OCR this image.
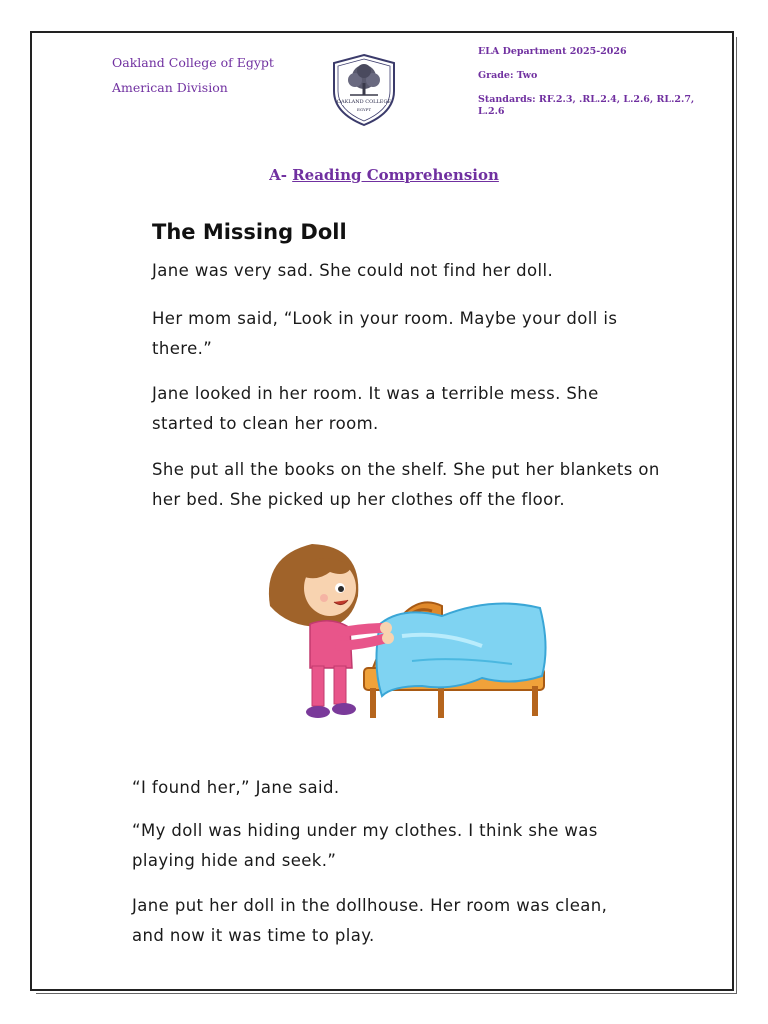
Oakland College of Egypt
American Division
OAKLAND COLLEGE
EGYPT
ELA Department 2025-2026
Grade: Two
Standards: RF.2.3, .RL.2.4, L.2.6, RL.2.7, L.2.6
A- Reading Comprehension
The Missing Doll

Jane was very sad. She could not find her doll.

Her mom said, “Look in your room. Maybe your doll is there.”

Jane looked in her room. It was a terrible mess. She started to clean her room.

She put all the books on the shelf. She put her blankets on her bed. She picked up her clothes off the floor.

“I found her,” Jane said.

“My doll was hiding under my clothes. I think she was playing hide and seek.”

Jane put her doll in the dollhouse. Her room was clean, and now it was time to play.
